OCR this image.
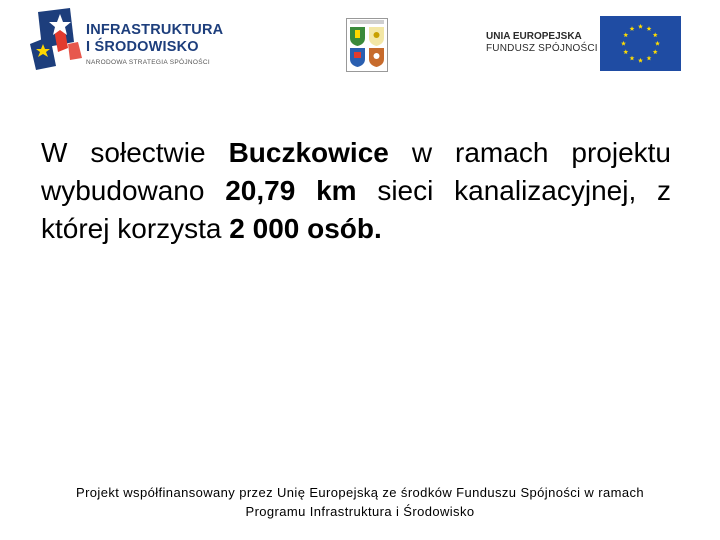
INFRASTRUKTURA
I ŚRODOWISKO
NARODOWA STRATEGIA SPÓJNOŚCI
UNIA EUROPEJSKA
FUNDUSZ SPÓJNOŚCI
W sołectwie Buczkowice w ramach projektu wybudowano 20,79 km sieci kanalizacyjnej, z której korzysta 2 000 osób.
Projekt współfinansowany przez Unię Europejską ze środków Funduszu Spójności w ramach
Programu Infrastruktura i Środowisko
